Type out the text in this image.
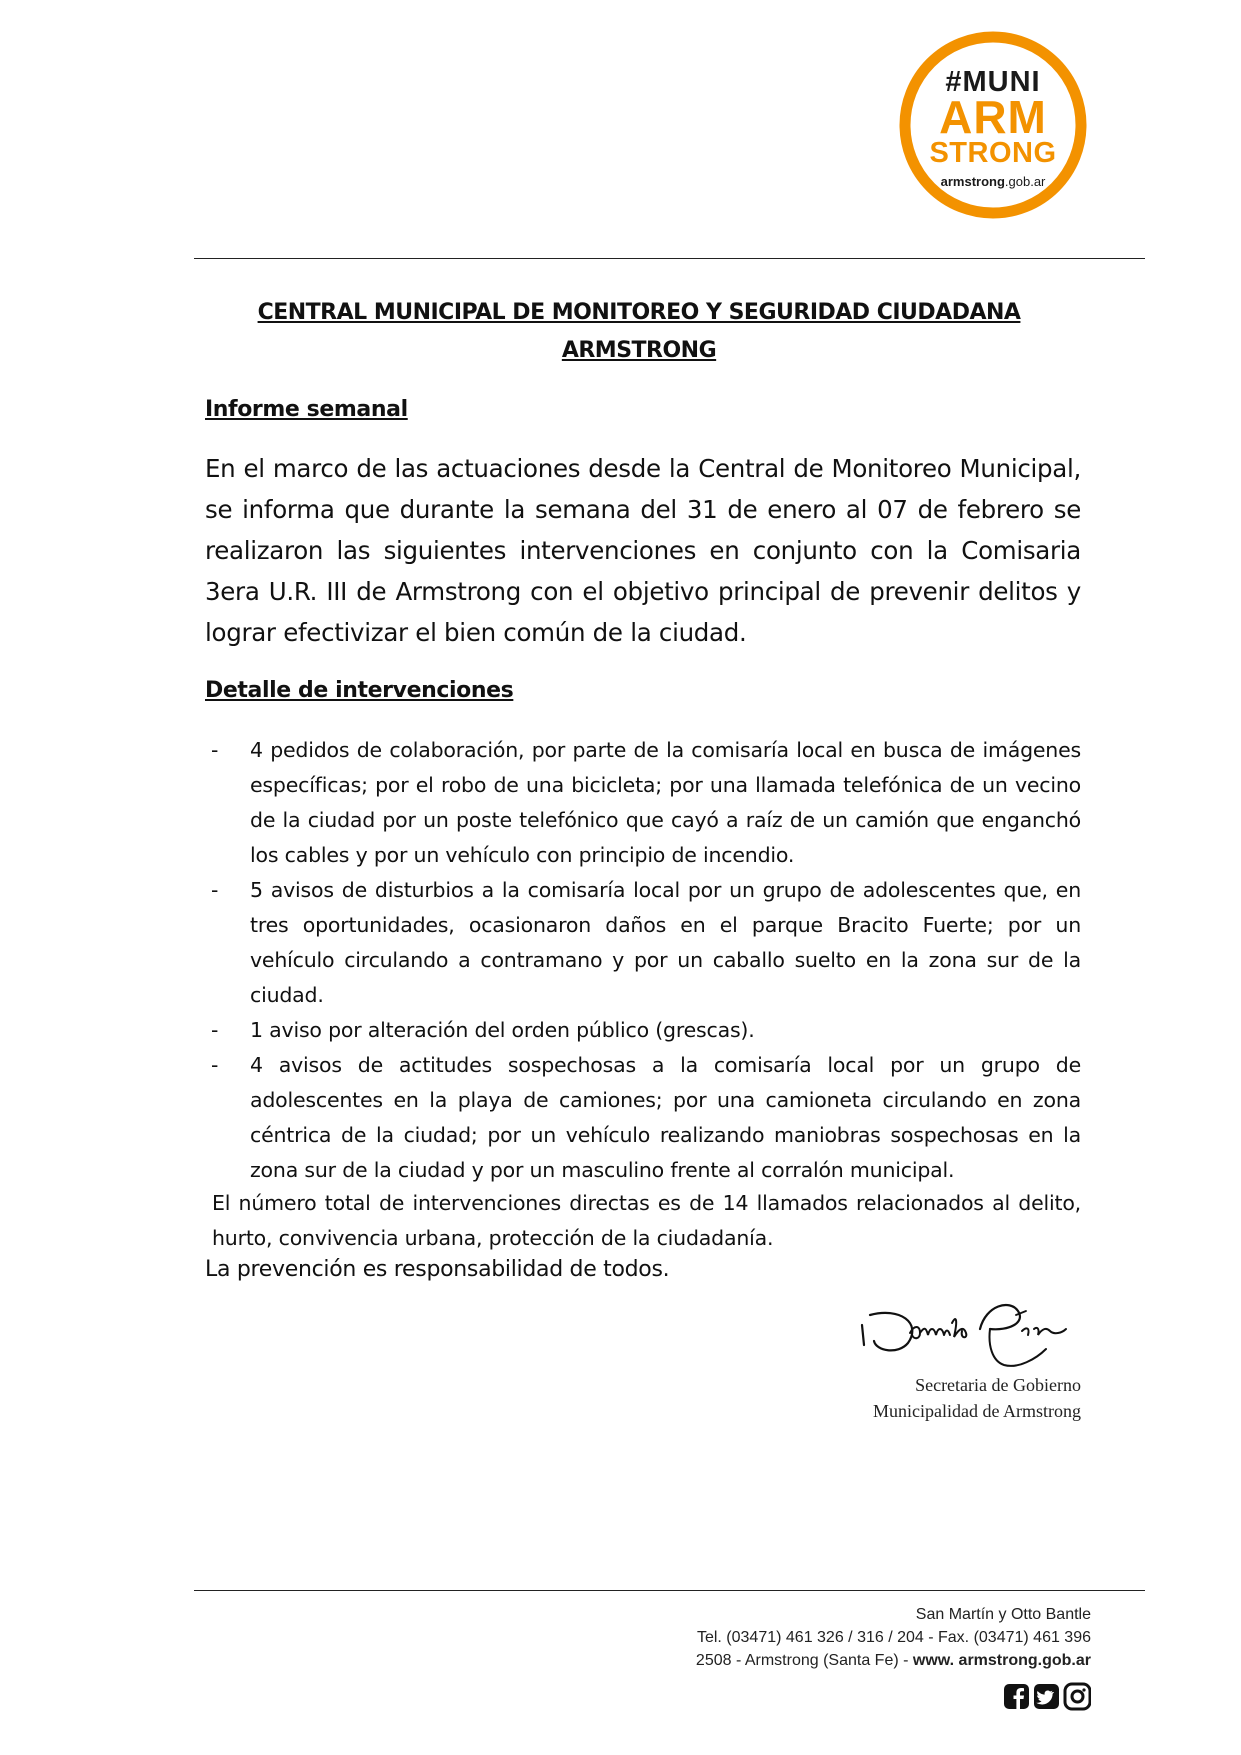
#MUNI
ARM
STRONG
armstrong.gob.ar
CENTRAL MUNICIPAL DE MONITOREO Y SEGURIDAD CIUDADANA
ARMSTRONG
Informe semanal
En el marco de las actuaciones desde la Central de Monitoreo Municipal, se informa que durante la semana del 31 de enero al 07 de febrero se realizaron las siguientes intervenciones en conjunto con la Comisaria 3era U.R. III de Armstrong con el objetivo principal de prevenir delitos y lograr efectivizar el bien común de la ciudad.
Detalle de intervenciones
- 4 pedidos de colaboración, por parte de la comisaría local en busca de imágenes específicas; por el robo de una bicicleta; por una llamada telefónica de un vecino de la ciudad por un poste telefónico que cayó a raíz de un camión que enganchó los cables y por un vehículo con principio de incendio.
- 5 avisos de disturbios a la comisaría local por un grupo de adolescentes que, en tres oportunidades, ocasionaron daños en el parque Bracito Fuerte; por un vehículo circulando a contramano y por un caballo suelto en la zona sur de la ciudad.
- 1 aviso por alteración del orden público (grescas).
- 4 avisos de actitudes sospechosas a la comisaría local por un grupo de adolescentes en la playa de camiones; por una camioneta circulando en zona céntrica de la ciudad; por un vehículo realizando maniobras sospechosas en la zona sur de la ciudad y por un masculino frente al corralón municipal.
El número total de intervenciones directas es de 14 llamados relacionados al delito, hurto, convivencia urbana, protección de la ciudadanía.
La prevención es responsabilidad de todos.
Secretaria de Gobierno
Municipalidad de Armstrong
San Martín y Otto Bantle
Tel. (03471) 461 326 / 316 / 204 - Fax. (03471) 461 396
2508 - Armstrong (Santa Fe) - www. armstrong.gob.ar
